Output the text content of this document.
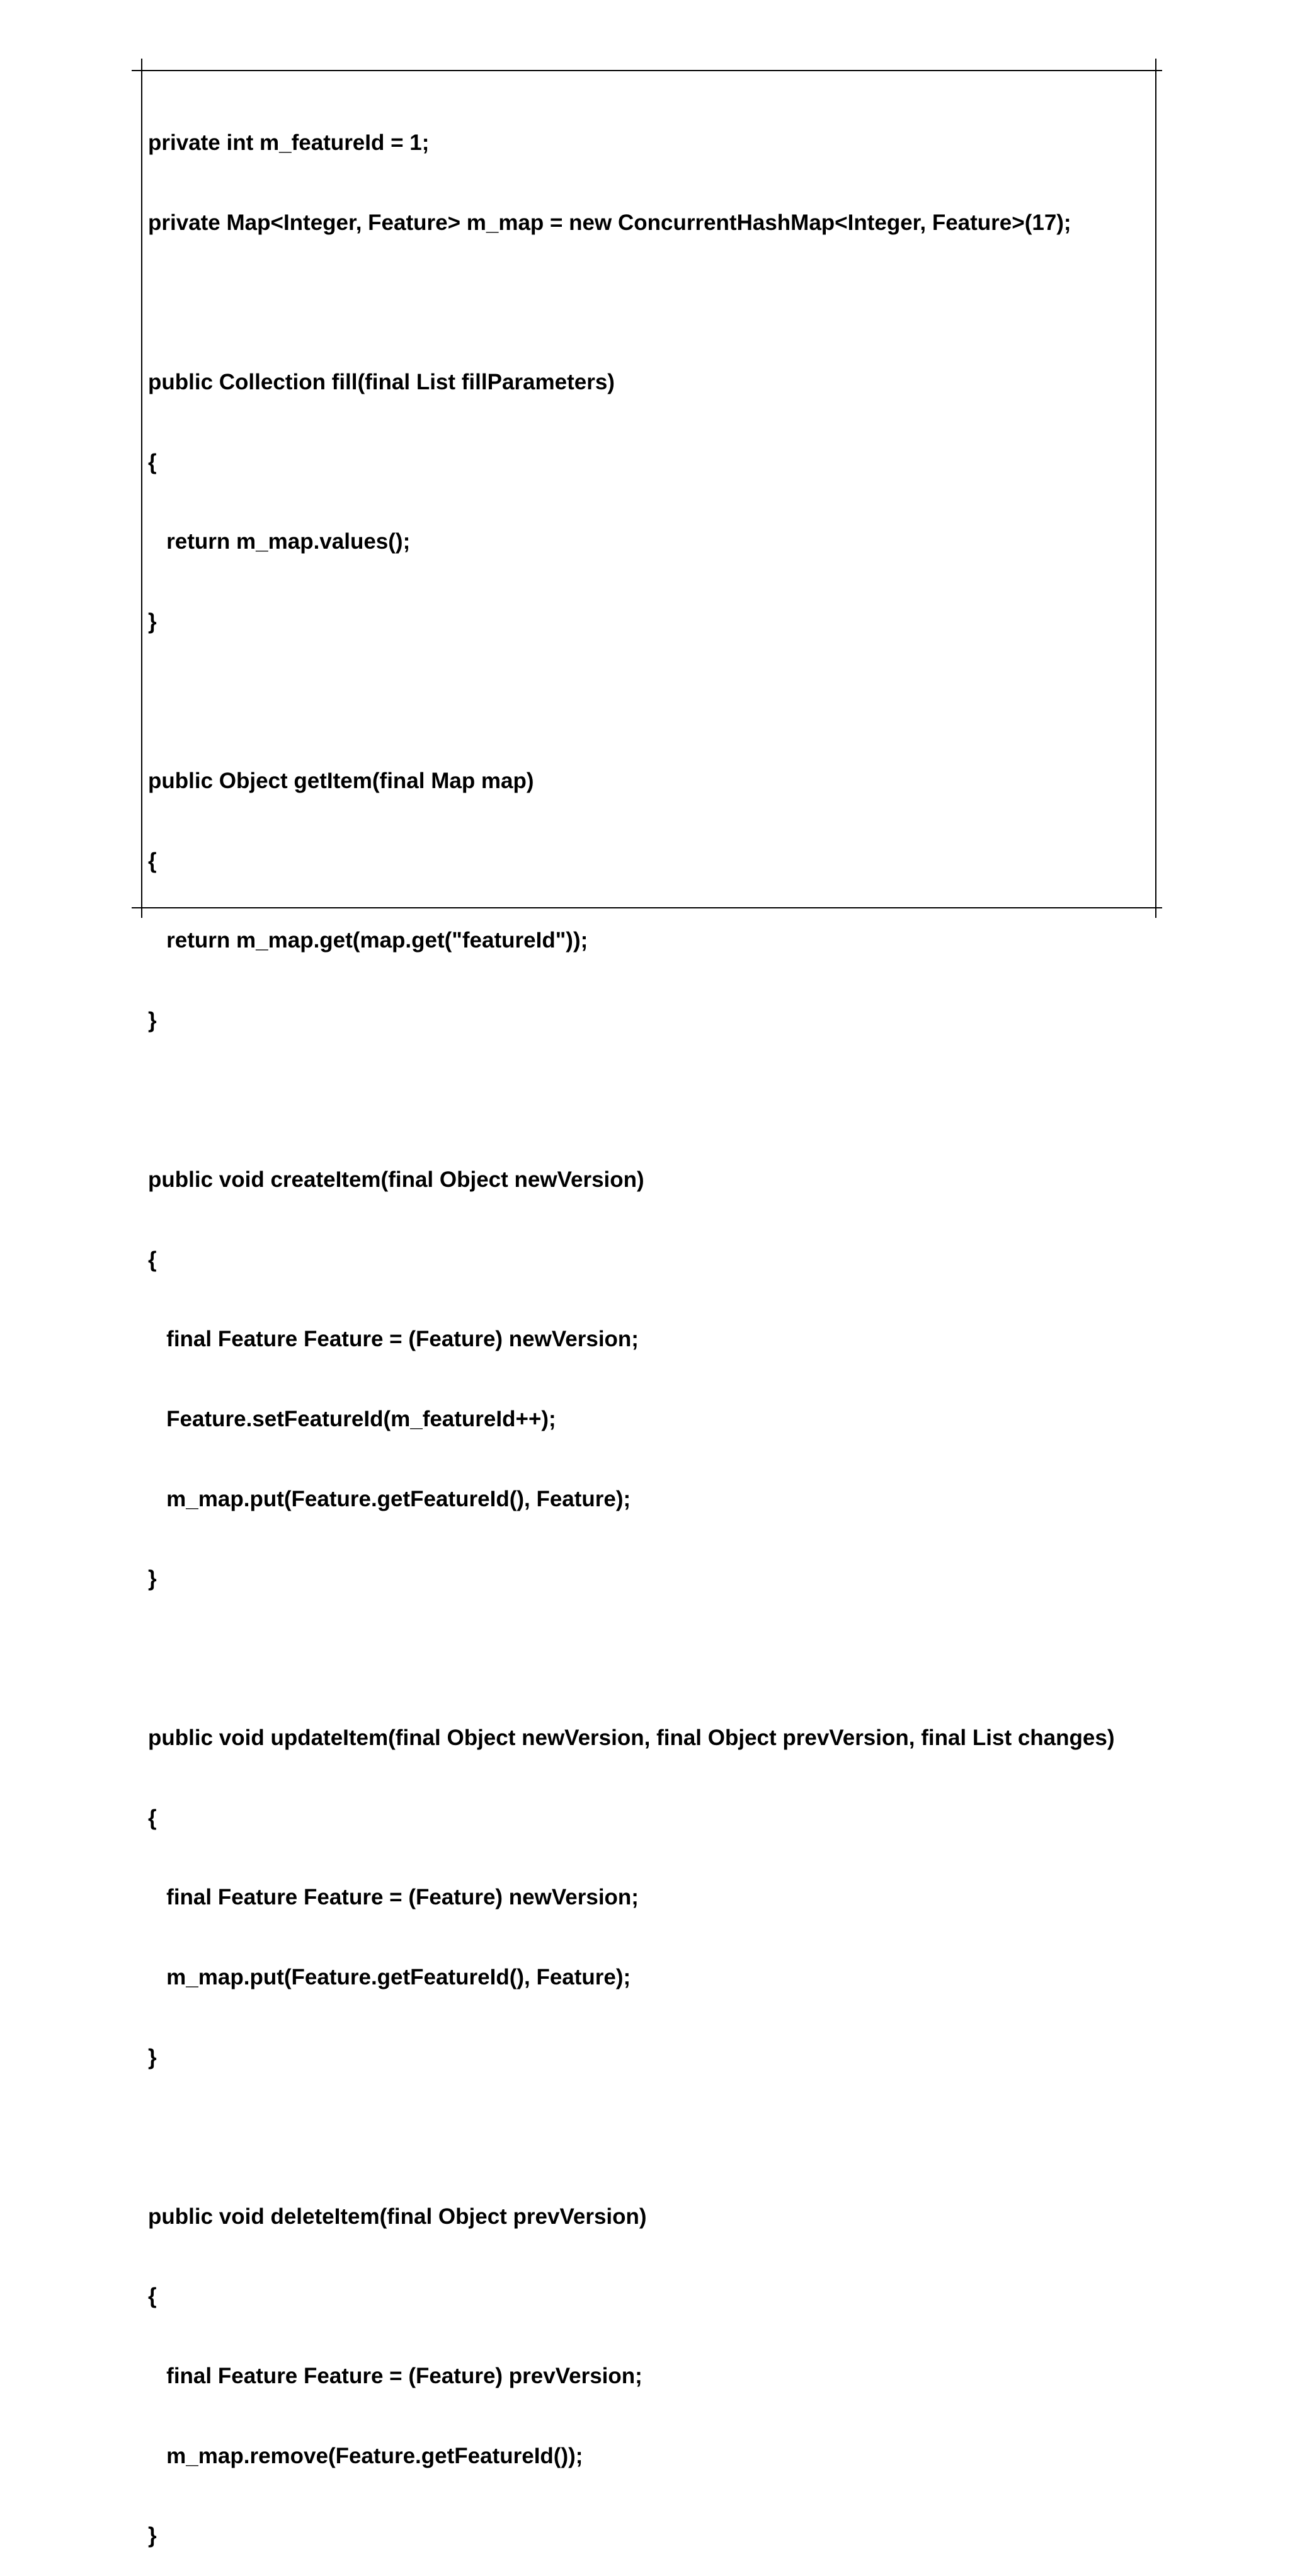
private int m_featureId = 1;

private Map<Integer, Feature> m_map = new ConcurrentHashMap<Integer, Feature>(17);

public Collection fill(final List fillParameters)

{

return m_map.values();

}

public Object getItem(final Map map)

{

return m_map.get(map.get("featureId"));

}

public void createItem(final Object newVersion)

{

final Feature Feature = (Feature) newVersion;

Feature.setFeatureId(m_featureId++);

m_map.put(Feature.getFeatureId(), Feature);

}

public void updateItem(final Object newVersion, final Object prevVersion, final List changes)

{

final Feature Feature = (Feature) newVersion;

m_map.put(Feature.getFeatureId(), Feature);

}

public void deleteItem(final Object prevVersion)

{

final Feature Feature = (Feature) prevVersion;

m_map.remove(Feature.getFeatureId());

}
